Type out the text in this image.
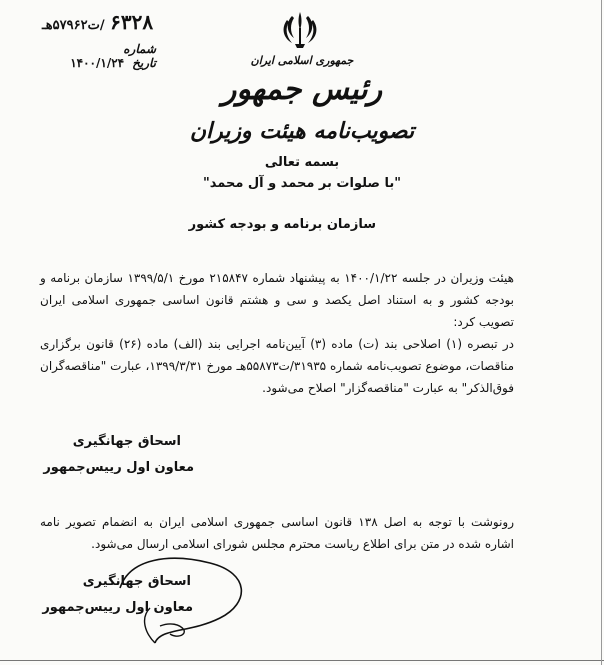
۶۳۲۸ /ت۵۷۹۶۲هـ
شماره
تاریخ
۱۴۰۰/۱/۲۴	جمهوری اسلامی ایران
رئیس جمهور
تصویب‌نامه هیئت وزیران
بسمه تعالی
"با صلوات بر محمد و آل محمد"
سازمان برنامه و بودجه کشور

هیئت وزیران در جلسه ۱۴۰۰/۱/۲۲ به پیشنهاد شماره ۲۱۵۸۴۷ مورخ ۱۳۹۹/۵/۱ سازمان برنامه و بودجه کشور و به استناد اصل یکصد و سی و هشتم قانون اساسی جمهوری اسلامی ایران تصویب کرد:

در تبصره (۱) اصلاحی بند (ت) ماده (۳) آیین‌نامه اجرایی بند (الف) ماده (۲۶) قانون برگزاری مناقصات، موضوع تصویب‌نامه شماره ۳۱۹۳۵/ت۵۵۸۷۳هـ مورخ ۱۳۹۹/۳/۳۱، عبارت "مناقصه‌گران فوق‌الذکر" به عبارت "مناقصه‌گزار" اصلاح می‌شود.

اسحاق جهانگیری
معاون اول رییس‌جمهور
رونوشت با توجه به اصل ۱۳۸ قانون اساسی جمهوری اسلامی ایران به انضمام تصویر نامه اشاره شده در متن برای اطلاع ریاست محترم مجلس شورای اسلامی ارسال می‌شود.
اسحاق جهانگیری
معاون اول رییس‌جمهور
